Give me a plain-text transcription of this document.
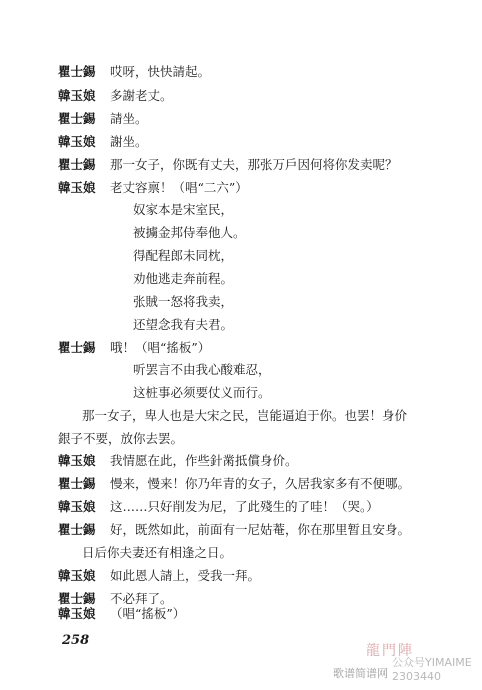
瞿士錫 哎呀，快快請起。
韓玉娘 多謝老丈。
瞿士錫 請坐。
韓玉娘 謝坐。
瞿士錫 那一女子，你既有丈夫，那张万戶因何将你发卖呢？
韓玉娘 老丈容禀！（唱“二六”）
奴家本是宋室民，
被擄金邦侍奉他人。
得配程郎未同枕，
劝他逃走奔前程。
张賊一怒将我卖，
还望念我有夫君。
瞿士錫 哦！（唱“搖板”）
听罢言不由我心酸难忍，
这桩事必须要仗义而行。
那一女子，卑人也是大宋之民，岂能逼迫于你。也罢！身价
銀子不要，放你去罢。
韓玉娘 我情愿在此，作些針黹抵償身价。
瞿士錫 慢来，慢来！你乃年青的女子，久居我家多有不便哪。
韓玉娘 这……只好削发为尼，了此殘生的了哇！（哭。）
瞿士錫 好，既然如此，前面有一尼姑菴，你在那里暂且安身。
日后你夫妻还有相逢之日。
韓玉娘 如此恩人請上，受我一拜。
瞿士錫 不必拜了。
韓玉娘 （唱“搖板”）
258
龍門陣
公众号YIMAIME 2303440
歌谱简谱网
